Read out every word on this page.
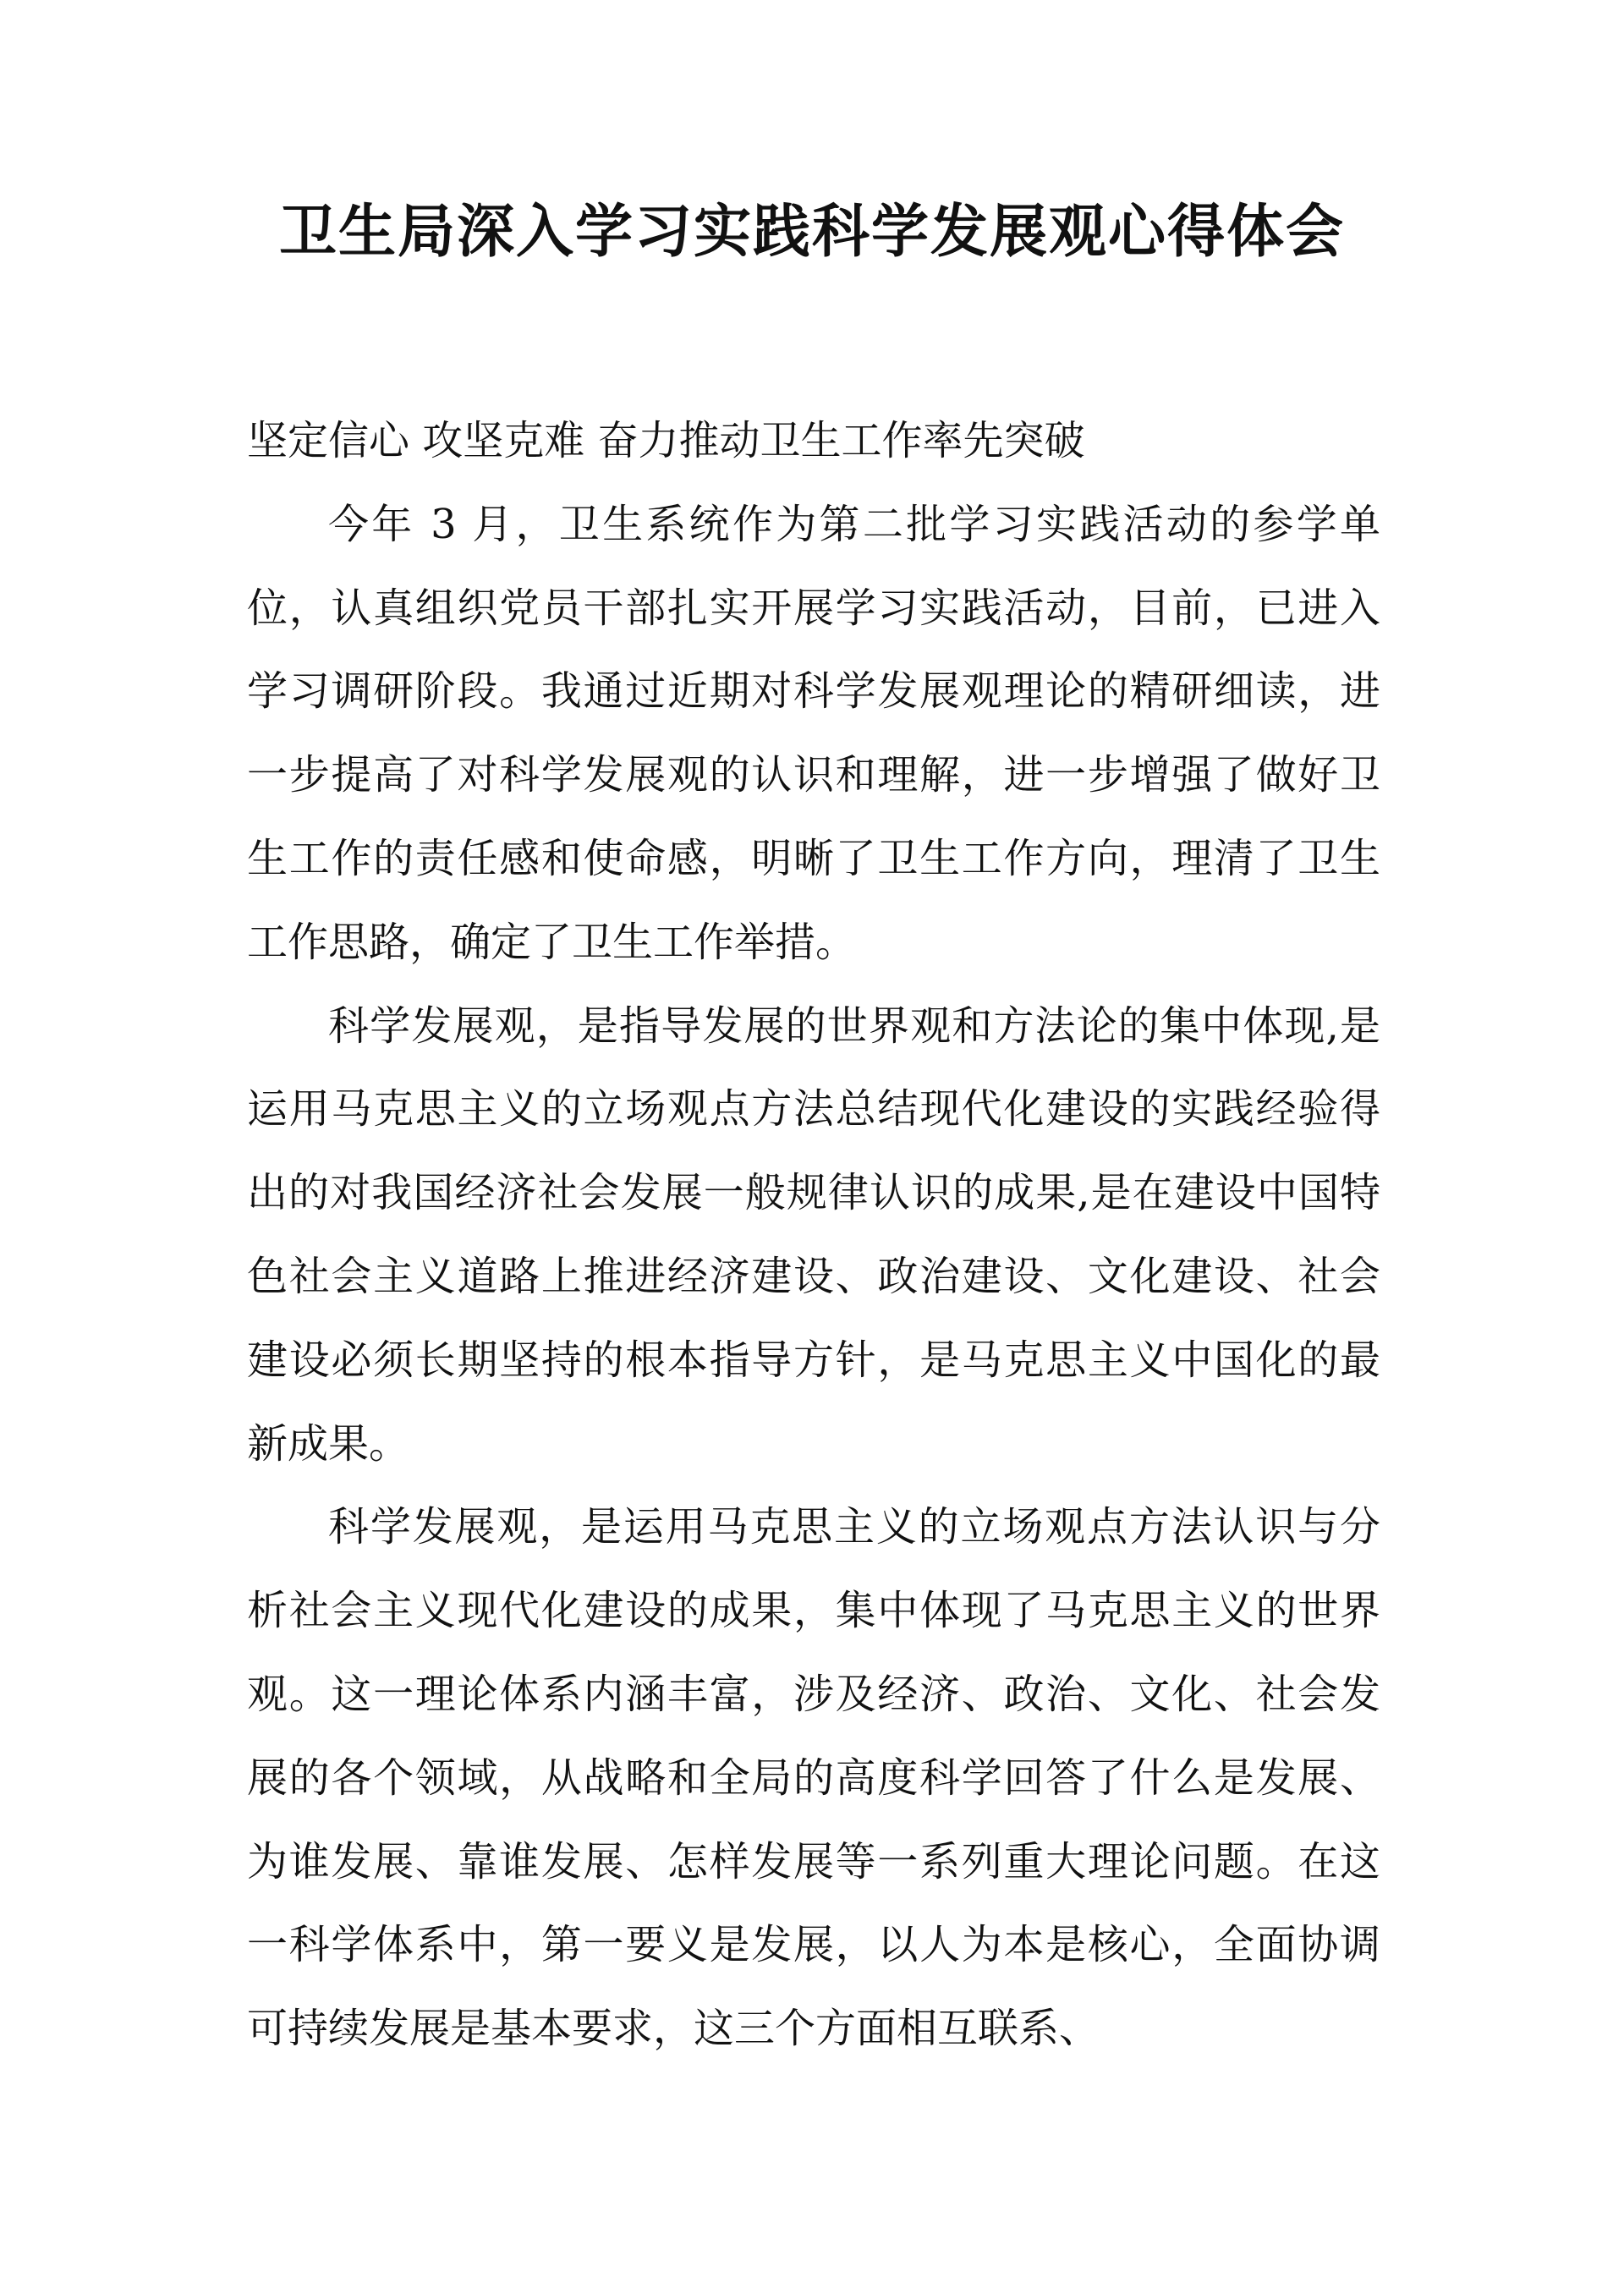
卫生局深入学习实践科学发展观心得体会

坚定信心 攻坚克难 奋力推动卫生工作率先突破

今年 3 月，卫生系统作为第二批学习实践活动的参学单位，认真组织党员干部扎实开展学习实践活动，目前，已进入学习调研阶段。我通过近期对科学发展观理论的精研细读，进一步提高了对科学发展观的认识和理解，进一步增强了做好卫生工作的责任感和使命感，明晰了卫生工作方向，理清了卫生工作思路，确定了卫生工作举措。

科学发展观，是指导发展的世界观和方法论的集中体现,是运用马克思主义的立场观点方法总结现代化建设的实践经验得出的对我国经济社会发展一般规律认识的成果,是在建设中国特色社会主义道路上推进经济建设、政治建设、文化建设、社会建设必须长期坚持的根本指导方针，是马克思主义中国化的最新成果。

科学发展观，是运用马克思主义的立场观点方法认识与分析社会主义现代化建设的成果，集中体现了马克思主义的世界观。这一理论体系内涵丰富，涉及经济、政治、文化、社会发展的各个领域，从战略和全局的高度科学回答了什么是发展、为谁发展、靠谁发展、怎样发展等一系列重大理论问题。在这一科学体系中，第一要义是发展，以人为本是核心，全面协调可持续发展是基本要求，这三个方面相互联系、
